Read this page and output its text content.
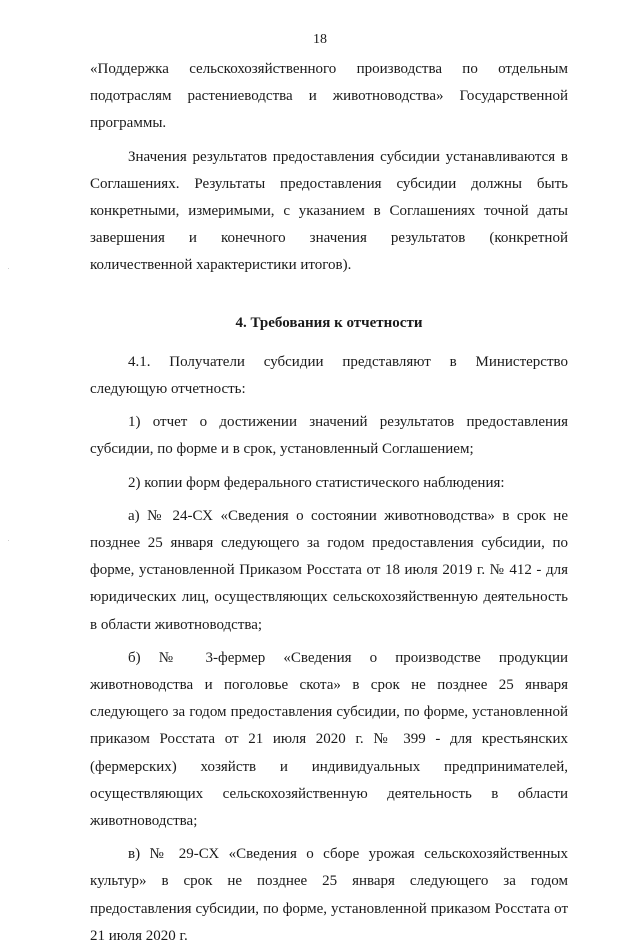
18

«Поддержка сельскохозяйственного производства по отдельным подотраслям растениеводства и животноводства» Государственной программы.

Значения результатов предоставления субсидии устанавливаются в Соглашениях. Результаты предоставления субсидии должны быть конкретными, измеримыми, с указанием в Соглашениях точной даты завершения и конечного значения результатов (конкретной количественной характеристики итогов).

4. Требования к отчетности

4.1. Получатели субсидии представляют в Министерство следующую отчетность:

1) отчет о достижении значений результатов предоставления субсидии, по форме и в срок, установленный Соглашением;

2) копии форм федерального статистического наблюдения:

а) № 24-СХ «Сведения о состоянии животноводства» в срок не позднее 25 января следующего за годом предоставления субсидии, по форме, установленной Приказом Росстата от 18 июля 2019 г. № 412 - для юридических лиц, осуществляющих сельскохозяйственную деятельность в области животноводства;

б) № 3-фермер «Сведения о производстве продукции животноводства и поголовье скота» в срок не позднее 25 января следующего за годом предоставления субсидии, по форме, установленной приказом Росстата от 21 июля 2020 г. № 399 - для крестьянских (фермерских) хозяйств и индивидуальных предпринимателей, осуществляющих сельскохозяйственную деятельность в области животноводства;

в) № 29-СХ «Сведения о сборе урожая сельскохозяйственных культур» в срок не позднее 25 января следующего за годом предоставления субсидии, по форме, установленной приказом Росстата от 21 июля 2020 г.
